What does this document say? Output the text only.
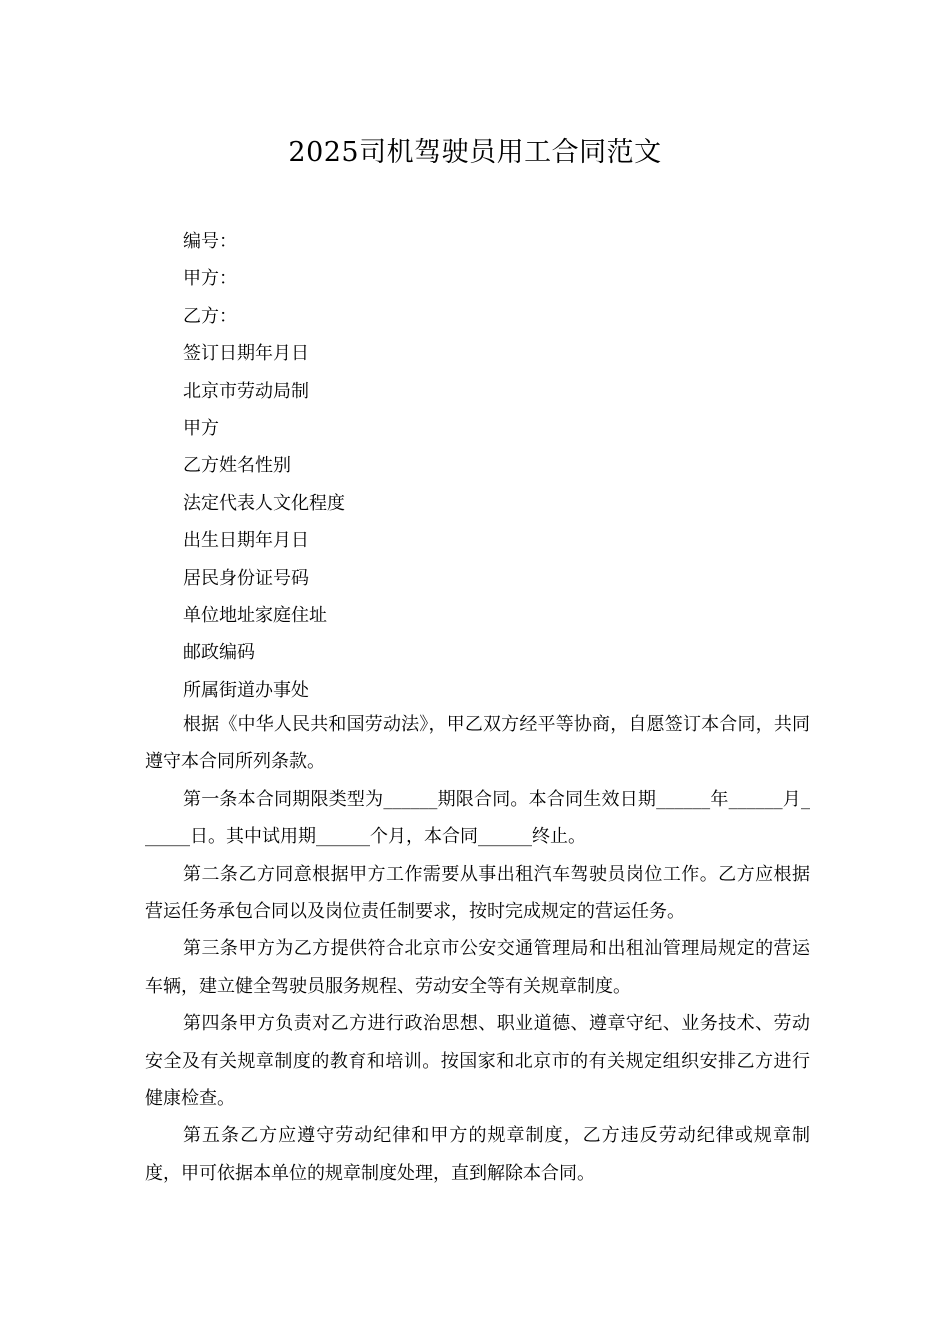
2025司机驾驶员用工合同范文
编号：
甲方：
乙方：
签订日期年月日
北京市劳动局制
甲方
乙方姓名性别
法定代表人文化程度
出生日期年月日
居民身份证号码
单位地址家庭住址
邮政编码
所属街道办事处

根据《中华人民共和国劳动法》，甲乙双方经平等协商，自愿签订本合同，共同遵守本合同所列条款。

第一条本合同期限类型为______期限合同。本合同生效日期______年______月______日。其中试用期______个月，本合同______终止。

第二条乙方同意根据甲方工作需要从事出租汽车驾驶员岗位工作。乙方应根据营运任务承包合同以及岗位责任制要求，按时完成规定的营运任务。

第三条甲方为乙方提供符合北京市公安交通管理局和出租汕管理局规定的营运车辆，建立健全驾驶员服务规程、劳动安全等有关规章制度。

第四条甲方负责对乙方进行政治思想、职业道德、遵章守纪、业务技术、劳动安全及有关规章制度的教育和培训。按国家和北京市的有关规定组织安排乙方进行健康检查。

第五条乙方应遵守劳动纪律和甲方的规章制度，乙方违反劳动纪律或规章制度，甲可依据本单位的规章制度处理，直到解除本合同。
